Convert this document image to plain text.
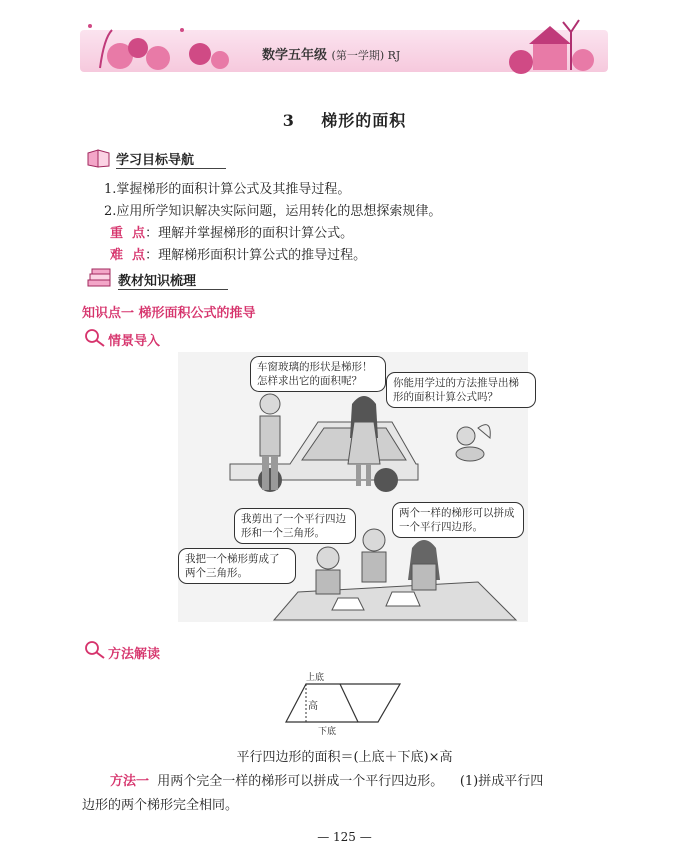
数学五年级 (第一学期) RJ
3 梯形的面积
学习目标导航
1.掌握梯形的面积计算公式及其推导过程。
2.应用所学知识解决实际问题，运用转化的思想探索规律。
重  点：理解并掌握梯形的面积计算公式。
难  点：理解梯形面积计算公式的推导过程。
教材知识梳理
知识点一 梯形面积公式的推导
情景导入
车窗玻璃的形状是梯形！怎样求出它的面积呢？	你能用学过的方法推导出梯形的面积计算公式吗？
我剪出了一个平行四边形和一个三角形。
两个一样的梯形可以拼成一个平行四边形。
我把一个梯形剪成了两个三角形。
方法解读
上底
高
下底
平行四边形的面积＝(上底＋下底)×高
方法一 用两个完全一样的梯形可以拼成一个平行四边形。 (1)拼成平行四
边形的两个梯形完全相同。
— 125 —
